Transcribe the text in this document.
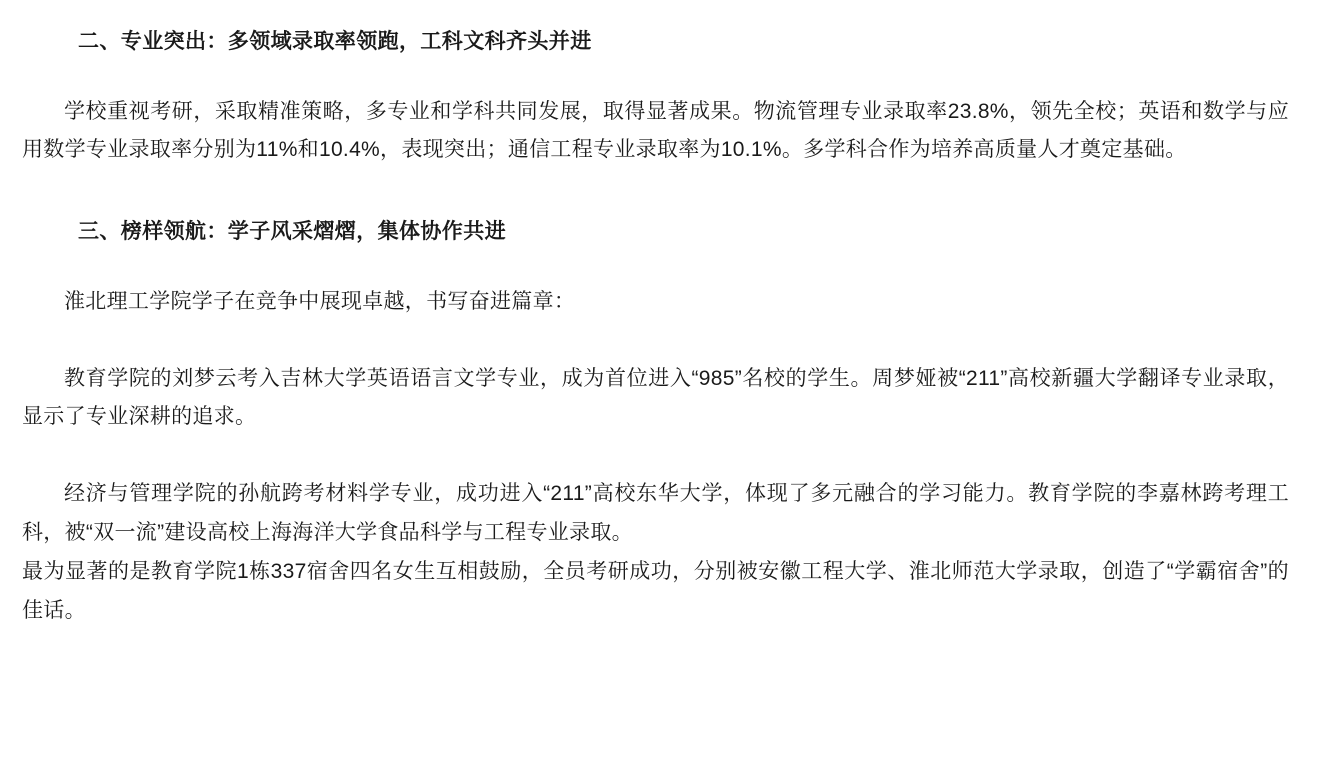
二、专业突出：多领域录取率领跑，工科文科齐头并进

学校重视考研，采取精准策略，多专业和学科共同发展，取得显著成果。物流管理专业录取率23.8%，领先全校；英语和数学与应用数学专业录取率分别为11%和10.4%，表现突出；通信工程专业录取率为10.1%。多学科合作为培养高质量人才奠定基础。

三、榜样领航：学子风采熠熠，集体协作共进

淮北理工学院学子在竞争中展现卓越，书写奋进篇章：

教育学院的刘梦云考入吉林大学英语语言文学专业，成为首位进入“985”名校的学生。周梦娅被“211”高校新疆大学翻译专业录取，显示了专业深耕的追求。

经济与管理学院的孙航跨考材料学专业，成功进入“211”高校东华大学，体现了多元融合的学习能力。教育学院的李嘉林跨考理工科，被“双一流”建设高校上海海洋大学食品科学与工程专业录取。

最为显著的是教育学院1栋337宿舍四名女生互相鼓励，全员考研成功，分别被安徽工程大学、淮北师范大学录取，创造了“学霸宿舍”的佳话。
